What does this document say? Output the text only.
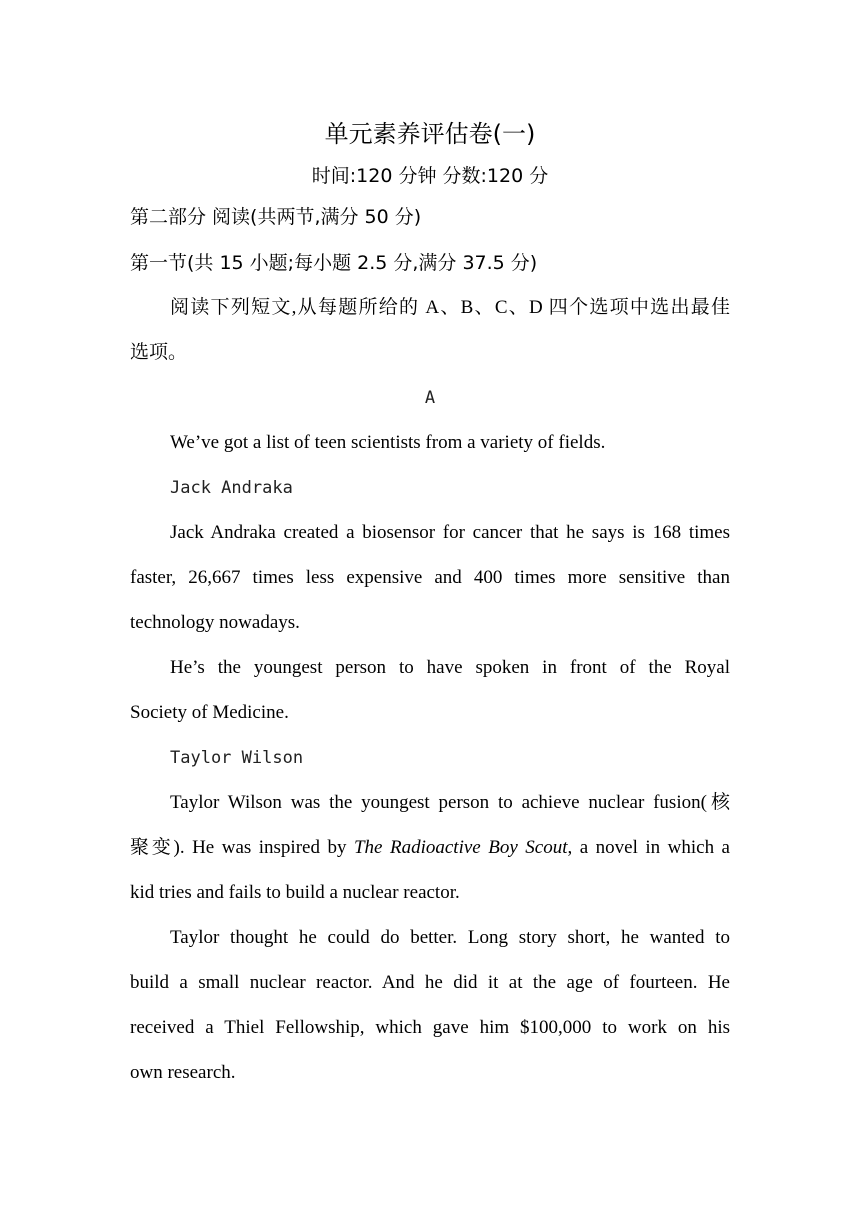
单元素养评估卷(一)
时间:120 分钟 分数:120 分
第二部分 阅读(共两节,满分 50 分)
第一节(共 15 小题;每小题 2.5 分,满分 37.5 分)
阅读下列短文,从每题所给的 A、B、C、D 四个选项中选出最佳
选项。
A
We’ve got a list of teen scientists from a variety of fields.
Jack Andraka
Jack Andraka created a biosensor for cancer that he says is 168 times
faster, 26,667 times less expensive and 400 times more sensitive than
technology nowadays.
He’s the youngest person to have spoken in front of the Royal
Society of Medicine.
Taylor Wilson
Taylor Wilson was the youngest person to achieve nuclear fusion(核
聚变). He was inspired by The Radioactive Boy Scout, a novel in which a
kid tries and fails to build a nuclear reactor.
Taylor thought he could do better. Long story short, he wanted to
build a small nuclear reactor. And he did it at the age of fourteen. He
received a Thiel Fellowship, which gave him $100,000 to work on his
own research.
